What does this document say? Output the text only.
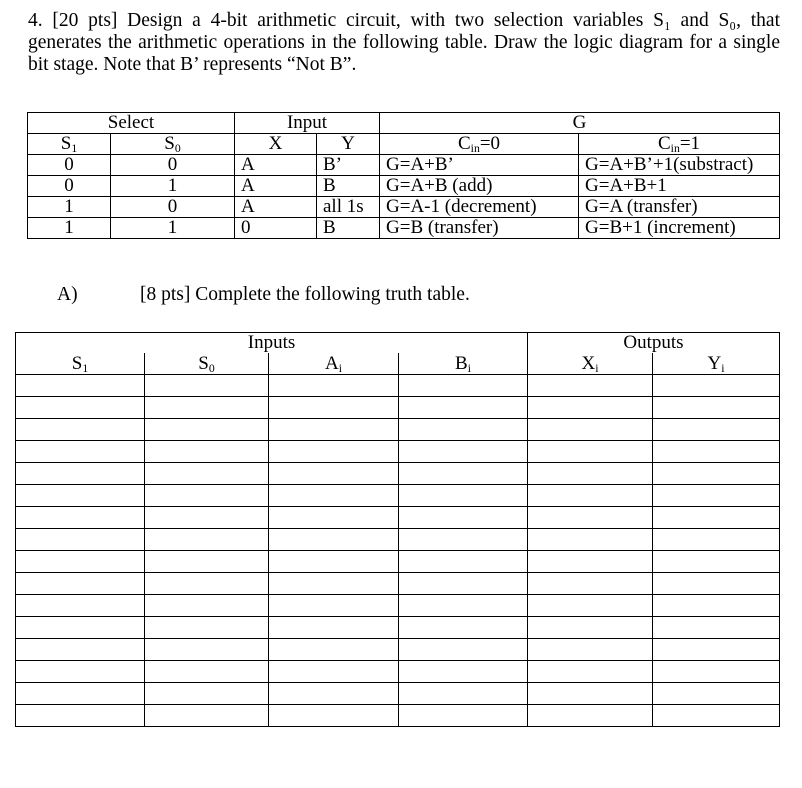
4. [20 pts] Design a 4-bit arithmetic circuit, with two selection variables S₁ and S₀, that generates the arithmetic operations in the following table. Draw the logic diagram for a single bit stage. Note that B’ represents “Not B”.
Select		Input		G	
$S_1$	$S_0$	X	Y	$C_{in}=0$	$C_{in}=1$
0	0	A	B’	G=A+B’	G=A+B’+1(substract)
0	1	A	B	G=A+B (add)	G=A+B+1
1	0	A	all 1s	G=A-1 (decrement)	G=A (transfer)
1	1	0	B	G=B (transfer)	G=B+1 (increment)
A)	[8 pts] Complete the following truth table.
Inputs				Outputs	
$S_1$	$S_0$	$A_i$	$B_i$	$X_i$	$Y_i$
